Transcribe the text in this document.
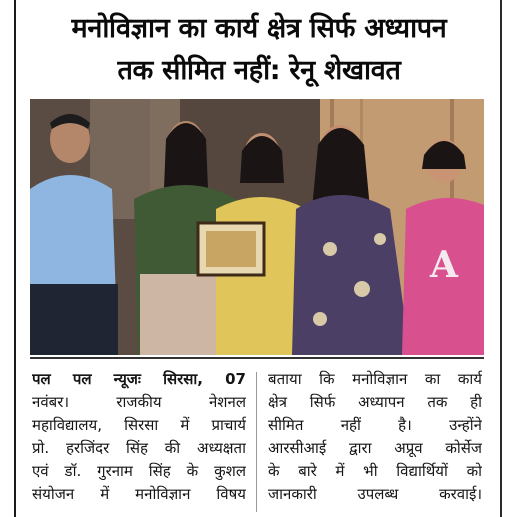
मनोविज्ञान का कार्य क्षेत्र सिर्फ अध्यापन
तक सीमित नहीं: रेनू शेखावत
A
पल पल न्यूजः सिरसा, 07
नवंबर। राजकीय नेशनल
महाविद्यालय, सिरसा में प्राचार्य
प्रो. हरजिंदर सिंह की अध्यक्षता
एवं डॉ. गुरनाम सिंह के कुशल
संयोजन में मनोविज्ञान विषय
बताया कि मनोविज्ञान का कार्य
क्षेत्र सिर्फ अध्यापन तक ही
सीमित नहीं है। उन्होंने
आरसीआई द्वारा अप्रूव कोर्सेज
के बारे में भी विद्यार्थियों को
जानकारी उपलब्ध करवाई।
